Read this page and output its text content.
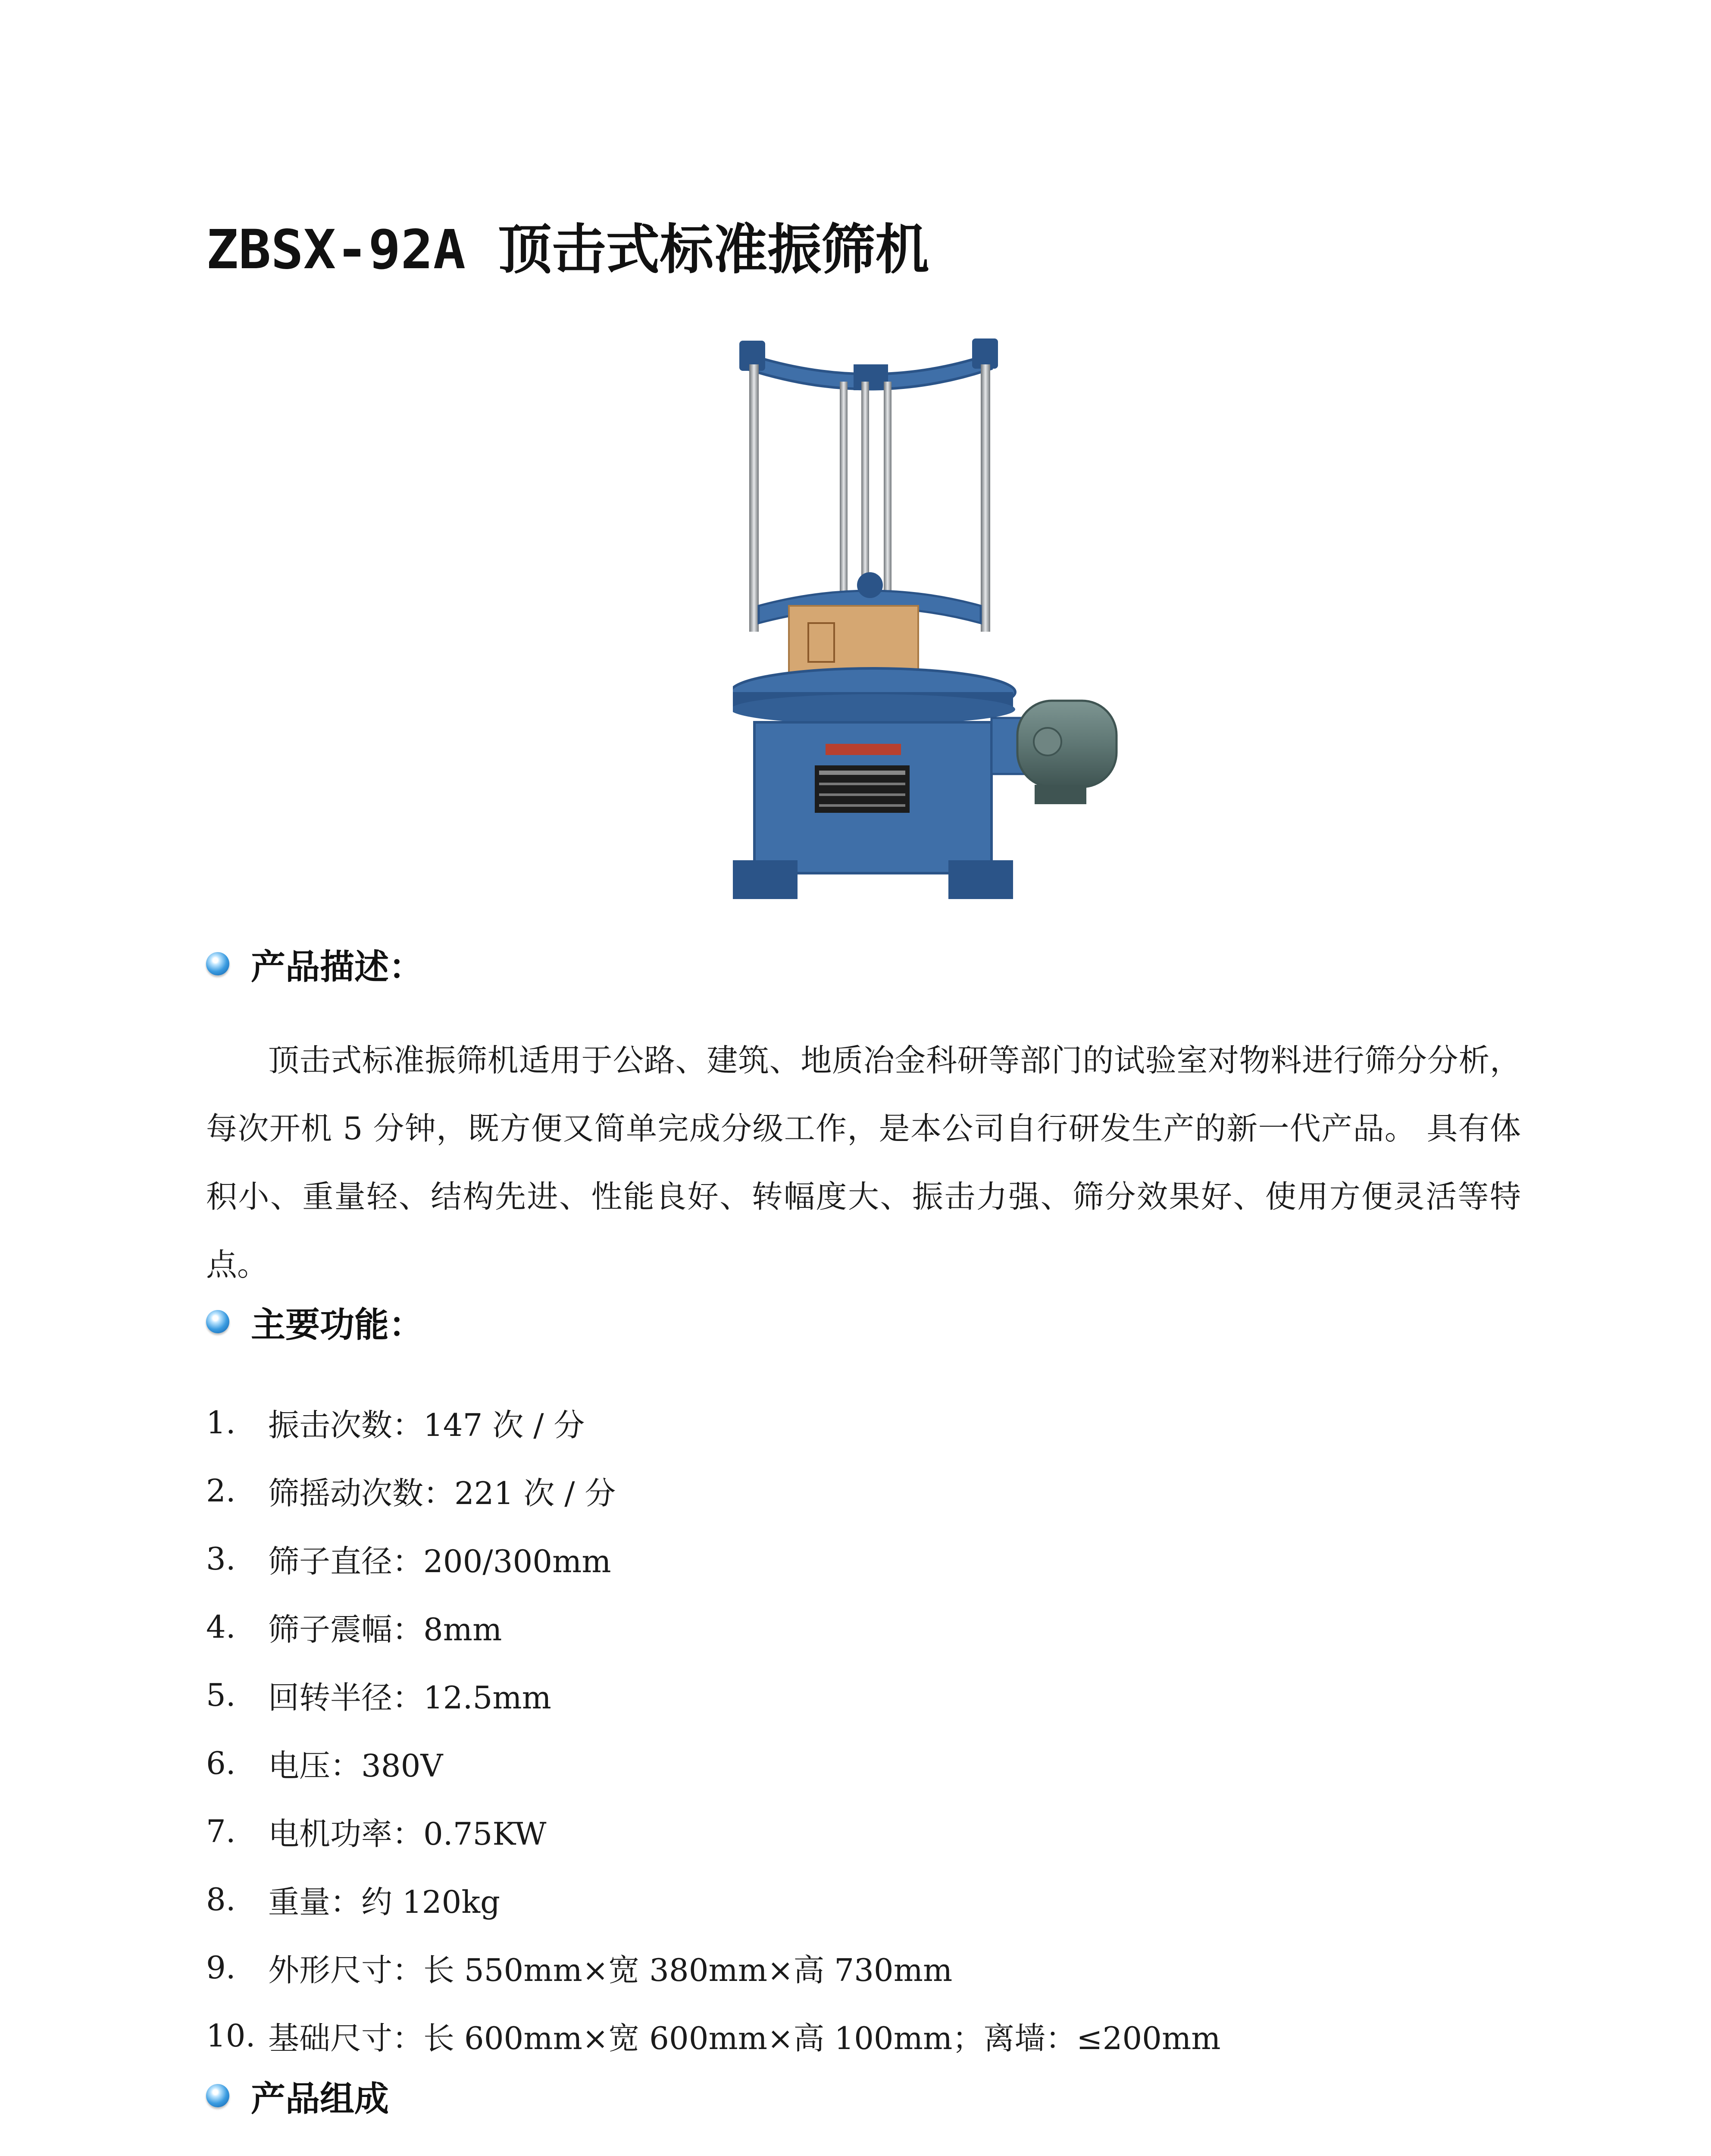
ZBSX-92A 顶击式标准振筛机
产品描述：

顶击式标准振筛机适用于公路、建筑、地质冶金科研等部门的试验室对物料进行筛分分析，每次开机 5 分钟，既方便又简单完成分级工作，是本公司自行研发生产的新一代产品。 具有体积小、重量轻、结构先进、性能良好、转幅度大、振击力强、筛分效果好、使用方便灵活等特点。

主要功能：
1.	振击次数：147 次 / 分
2.	筛摇动次数：221 次 / 分
3.	筛子直径：200/300mm
4.	筛子震幅：8mm
5.	回转半径：12.5mm
6.	电压：380V
7.	电机功率：0.75KW
8.	重量：约 120kg
9.	外形尺寸：长 550mm×宽 380mm×高 730mm
10. 基础尺寸：长 600mm×宽 600mm×高 100mm；离墙：≤200mm
产品组成
